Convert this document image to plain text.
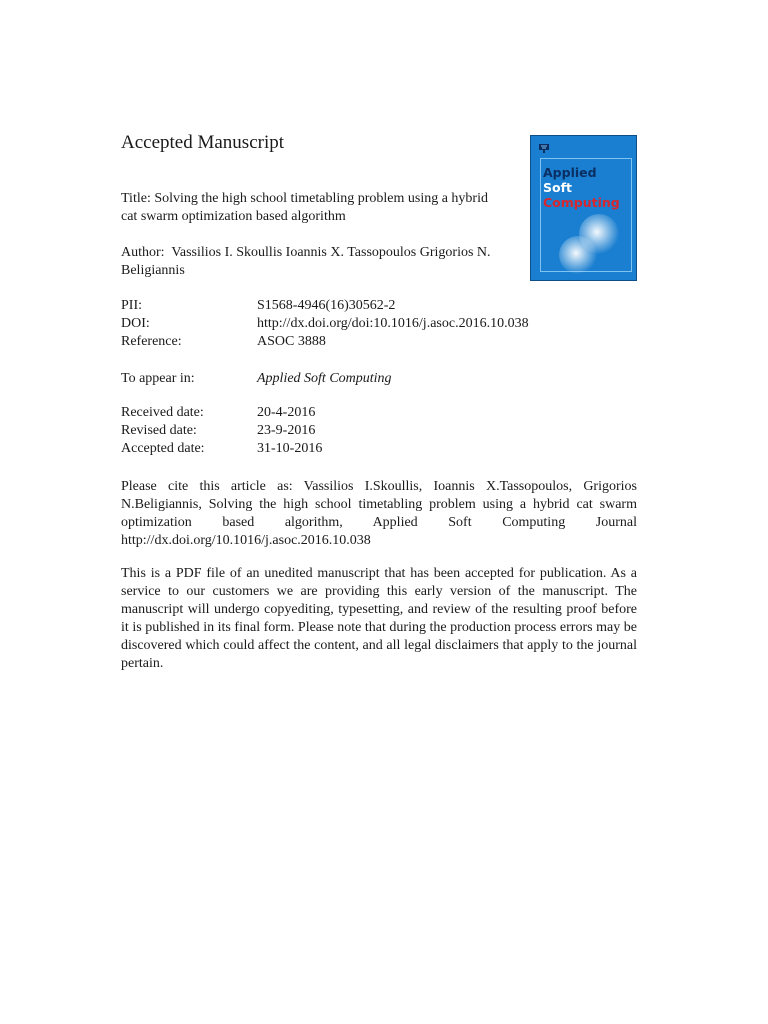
Accepted Manuscript
Title: Solving the high school timetabling problem using a hybrid cat swarm optimization based algorithm
Author: Vassilios I. Skoullis Ioannis X. Tassopoulos Grigorios N. Beligiannis
PII:	S1568-4946(16)30562-2
DOI:	http://dx.doi.org/doi:10.1016/j.asoc.2016.10.038
Reference:	ASOC 3888
To appear in:	Applied Soft Computing
Received date:	20-4-2016
Revised date:	23-9-2016
Accepted date:	31-10-2016
Please cite this article as: Vassilios I.Skoullis, Ioannis X.Tassopoulos, Grigorios N.Beligiannis, Solving the high school timetabling problem using a hybrid cat swarm optimization based algorithm, Applied Soft Computing Journal http://dx.doi.org/10.1016/j.asoc.2016.10.038
This is a PDF file of an unedited manuscript that has been accepted for publication. As a service to our customers we are providing this early version of the manuscript. The manuscript will undergo copyediting, typesetting, and review of the resulting proof before it is published in its final form. Please note that during the production process errors may be discovered which could affect the content, and all legal disclaimers that apply to the journal pertain.
Applied
Soft
Computing
